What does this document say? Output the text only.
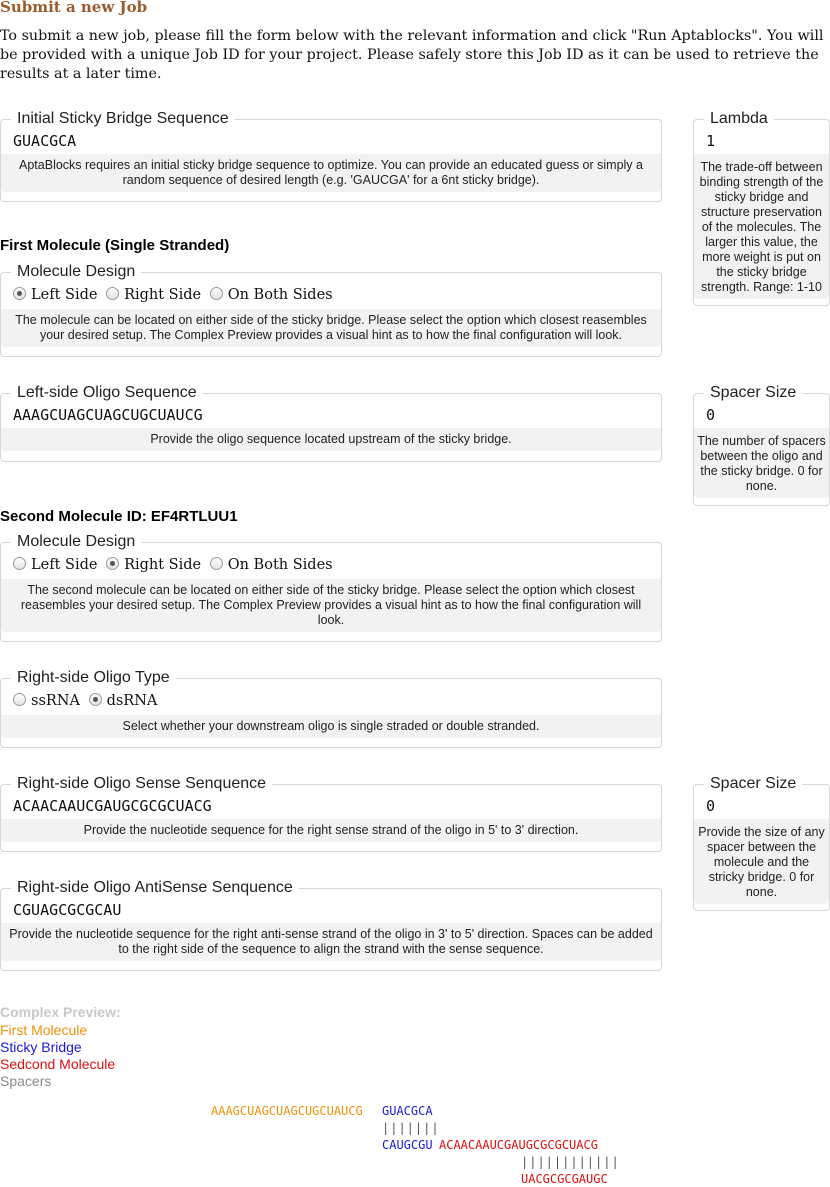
Submit a new Job

To submit a new job, please fill the form below with the relevant information and click "Run Aptablocks". You will be provided with a unique Job ID for your project. Please safely store this Job ID as it can be used to retrieve the results at a later time.

Initial Sticky Bridge Sequence
GUACGCA
AptaBlocks requires an initial sticky bridge sequence to optimize. You can provide an educated guess or simply a random sequence of desired length (e.g. 'GAUCGA' for a 6nt sticky bridge).
Lambda
1
The trade-off between binding strength of the sticky bridge and structure preservation of the molecules. The larger this value, the more weight is put on the sticky bridge strength. Range: 1-10
First Molecule (Single Stranded)
Molecule Design
Left Side Right Side On Both Sides
The molecule can be located on either side of the sticky bridge. Please select the option which closest reasembles your desired setup. The Complex Preview provides a visual hint as to how the final configuration will look.
Left-side Oligo Sequence
AAAGCUAGCUAGCUGCUAUCG
Provide the oligo sequence located upstream of the sticky bridge.
Spacer Size
0
The number of spacers between the oligo and the sticky bridge. 0 for none.
Second Molecule ID: EF4RTLUU1
Molecule Design
Left Side Right Side On Both Sides
The second molecule can be located on either side of the sticky bridge. Please select the option which closest reasembles your desired setup. The Complex Preview provides a visual hint as to how the final configuration will look.
Right-side Oligo Type
ssRNA dsRNA
Select whether your downstream oligo is single straded or double stranded.
Right-side Oligo Sense Senquence
ACAACAAUCGAUGCGCGCUACG
Provide the nucleotide sequence for the right sense strand of the oligo in 5' to 3' direction.
Spacer Size
0
Provide the size of any spacer between the molecule and the stricky bridge. 0 for none.
Right-side Oligo AntiSense Senquence
CGUAGCGCGCAU
Provide the nucleotide sequence for the right anti-sense strand of the oligo in 3' to 5' direction. Spaces can be added to the right side of the sequence to align the strand with the sense sequence.
Complex Preview:
First Molecule
Sticky Bridge
Sedcond Molecule
Spacers
AAAGCUAGCUAGCUGCUAUCG GUACGCA
|||||||
CAUGCGU ACAACAAUCGAUGCGCGCUACG
||||||||||||
UACGCGCGAUGC
